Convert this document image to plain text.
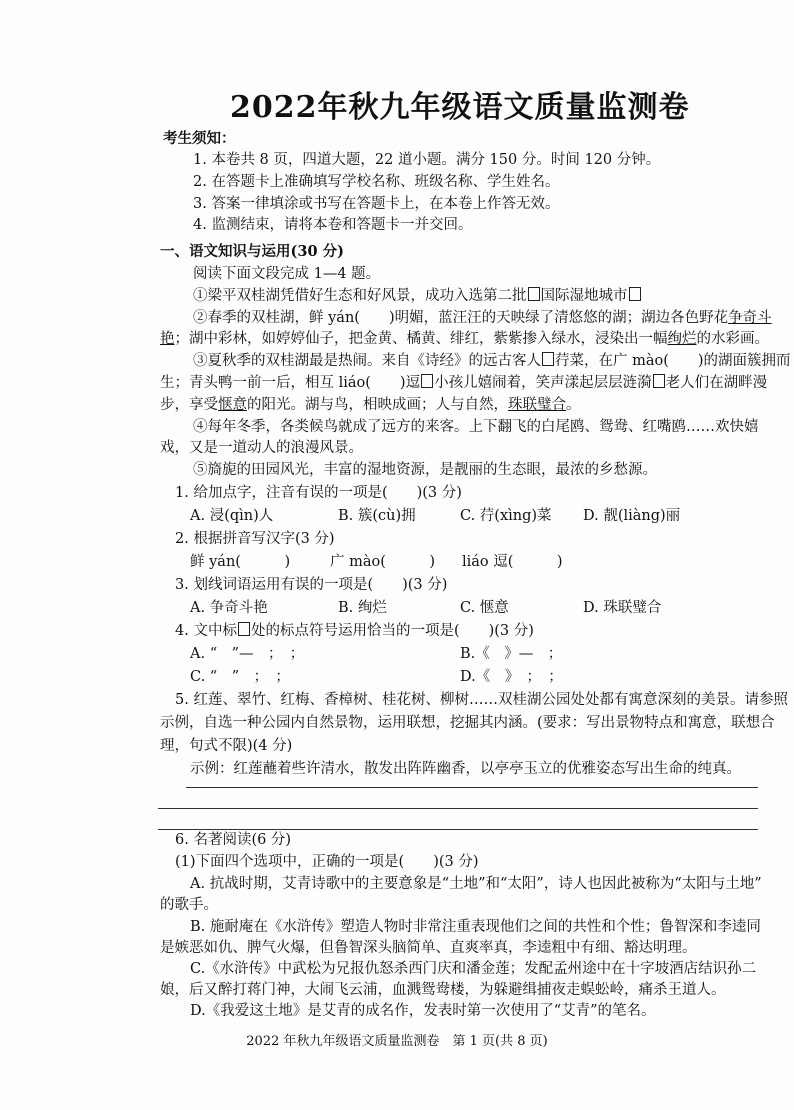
2022年秋九年级语文质量监测卷
考生须知：
1. 本卷共 8 页，四道大题，22 道小题。满分 150 分。时间 120 分钟。
2. 在答题卡上准确填写学校名称、班级名称、学生姓名。
3. 答案一律填涂或书写在答题卡上，在本卷上作答无效。
4. 监测结束，请将本卷和答题卡一并交回。
一、语文知识与运用(30 分)
阅读下面文段完成 1—4 题。
①梁平双桂湖凭借好生态和好风景，成功入选第二批 国际湿地城市
②春季的双桂湖，鲜 yán(　　)明媚，蓝汪汪的天映绿了清悠悠的湖；湖边各色野花争奇斗
艳；湖中彩林，如婷婷仙子，把金黄、橘黄、绯红，紫紫掺入绿水，浸染出一幅绚烂的水彩画。
③夏秋季的双桂湖最是热闹。来自《诗经》的远古客人 荇菜，在广 mào(　　)的湖面簇拥而
生；青头鸭一前一后，相互 liáo(　　)逗 小孩儿嬉闹着，笑声漾起层层涟漪 老人们在湖畔漫
步，享受惬意的阳光。湖与鸟，相映成画；人与自然，珠联璧合。
④每年冬季，各类候鸟就成了远方的来客。上下翻飞的白尾鸥、鸳鸯、红嘴鸥……欢快嬉
戏，又是一道动人的浪漫风景。
⑤旖旎的田园风光，丰富的湿地资源，是靓丽的生态眼，最浓的乡愁源。
1. 给加点字，注音有误的一项是(　　)(3 分)
A. 浸(qìn)人	B. 簇(cù)拥	C. 荇(xìng)菜 D. 靓(liàng)丽
2. 根据拼音写汉字(3 分)
鲜 yán(　　　)	广 mào(　　　) liáo 逗(　　　)
3. 划线词语运用有误的一项是(　　)(3 分)
A. 争奇斗艳	B. 绚烂	C. 惬意	D. 珠联璧合
4. 文中标 处的标点符号运用恰当的一项是(　　)(3 分)
A. “　”—　；　；	B.《　》—　；
C. “　”　；　；	D.《　》　；　；
5. 红莲、翠竹、红梅、香樟树、桂花树、柳树……双桂湖公园处处都有寓意深刻的美景。请参照
示例，自选一种公园内自然景物，运用联想，挖掘其内涵。(要求：写出景物特点和寓意，联想合
理，句式不限)(4 分)
示例：红莲蘸着些许清水，散发出阵阵幽香，以亭亭玉立的优雅姿态写出生命的纯真。
6. 名著阅读(6 分)
(1)下面四个选项中，正确的一项是(　　)(3 分)
A. 抗战时期，艾青诗歌中的主要意象是“土地”和“太阳”，诗人也因此被称为“太阳与土地”
的歌手。
B. 施耐庵在《水浒传》塑造人物时非常注重表现他们之间的共性和个性；鲁智深和李逵同
是嫉恶如仇、脾气火爆，但鲁智深头脑简单、直爽率真，李逵粗中有细、豁达明理。
C.《水浒传》中武松为兄报仇怒杀西门庆和潘金莲；发配孟州途中在十字坡酒店结识孙二
娘，后又醉打蒋门神，大闹飞云浦，血溅鸳鸯楼，为躲避缉捕夜走蜈蚣岭，痛杀王道人。
D.《我爱这土地》是艾青的成名作，发表时第一次使用了“艾青”的笔名。
2022 年秋九年级语文质量监测卷　第 1 页(共 8 页)
